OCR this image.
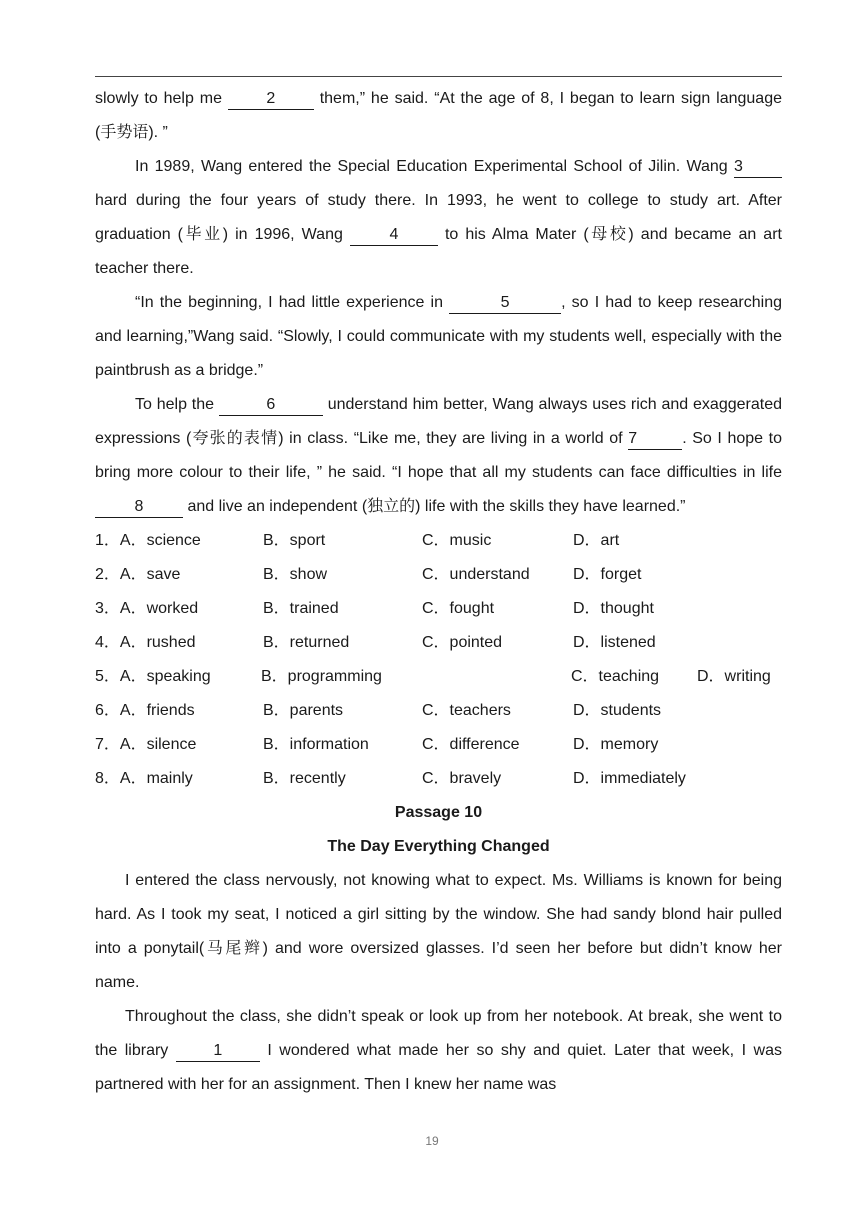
slowly to help me 2 them,” he said. “At the age of 8, I began to learn sign language (手势语). ”

In 1989, Wang entered the Special Education Experimental School of Jilin. Wang 3 hard during the four years of study there. In 1993, he went to college to study art. After graduation (毕业) in 1996, Wang 4 to his Alma Mater (母校) and became an art teacher there.

“In the beginning, I had little experience in	5	, so I had to keep researching and learning,”Wang said. “Slowly, I could communicate with my students well, especially with the paintbrush as a bridge.”

To help the	6	understand him better, Wang always uses rich and exaggerated expressions (夸张的表情) in class. “Like me, they are living in a world of 7	. So I hope to bring more colour to their life, ” he said. “I hope that all my students can face difficulties in life 8 and live an independent (独立的) life with the skills they have learned.”

1．A．science	B．sport	C．music	D．art
2．A．save	B．show	C．understand	D．forget
3．A．worked	B．trained	C．fought	D．thought
4．A．rushed	B．returned	C．pointed	D．listened
5．A．speaking	B．programming	C．teaching D．writing
6．A．friends	B．parents	C．teachers	D．students
7．A．silence	B．information	C．difference	D．memory
8．A．mainly	B．recently	C．bravely	D．immediately

Passage 10

The Day Everything Changed

I entered the class nervously, not knowing what to expect. Ms. Williams is known for being hard. As I took my seat, I noticed a girl sitting by the window. She had sandy blond hair pulled into a ponytail(马尾辫) and wore oversized glasses. I’d seen her before but didn’t know her name.

Throughout the class, she didn’t speak or look up from her notebook. At break, she went to the library 1 I wondered what made her so shy and quiet. Later that week, I was partnered with her for an assignment. Then I knew her name was

19
